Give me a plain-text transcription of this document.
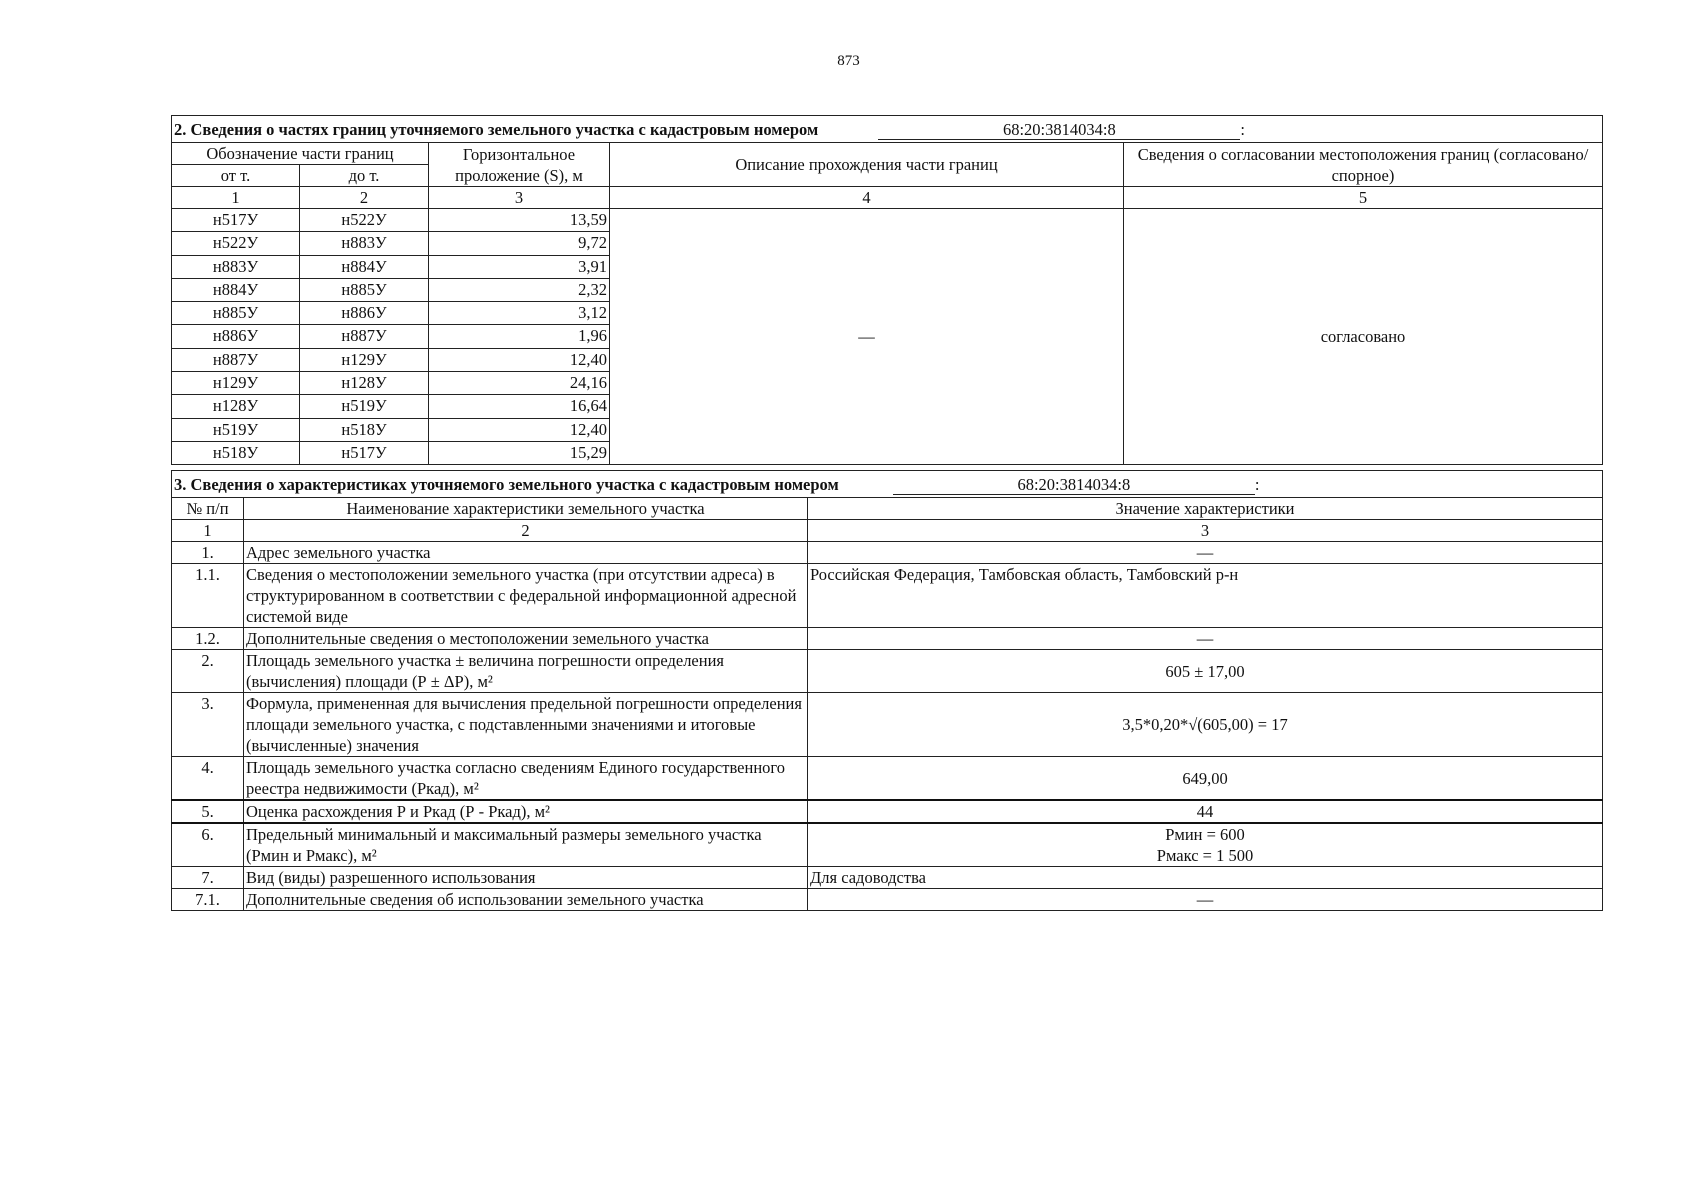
873
2. Сведения о частях границ уточняемого земельного участка с кадастровым номером 68:20:3814034:8 :				
Обозначение части границ		Горизонтальное проложение (S), м	Описание прохождения части границ	Сведения о согласовании местоположения границ (согласовано/спорное)
от т.	до т.			
1	2	3	4	5
н517У	н522У	13,59	—	согласовано
н522У	н883У	9,72		
н883У	н884У	3,91		
н884У	н885У	2,32		
н885У	н886У	3,12		
н886У	н887У	1,96		
н887У	н129У	12,40		
н129У	н128У	24,16		
н128У	н519У	16,64		
н519У	н518У	12,40		
н518У	н517У	15,29		
3. Сведения о характеристиках уточняемого земельного участка с кадастровым номером 68:20:3814034:8 :		
№ п/п	Наименование характеристики земельного участка	Значение характеристики
1	2	3
1.	Адрес земельного участка	—
1.1.	Сведения о местоположении земельного участка (при отсутствии адреса) в структурированном в соответствии с федеральной информационной адресной системой виде	Российская Федерация, Тамбовская область, Тамбовский р-н
1.2.	Дополнительные сведения о местоположении земельного участка	—
2.	Площадь земельного участка ± величина погрешности определения (вычисления) площади (Р ± ΔР), м²	605 ± 17,00
3.	Формула, примененная для вычисления предельной погрешности определения площади земельного участка, с подставленными значениями и итоговые (вычисленные) значения	3,5*0,20*√(605,00) = 17
4.	Площадь земельного участка согласно сведениям Единого государственного реестра недвижимости (Ркад), м²	649,00
5.	Оценка расхождения Р и Ркад (Р - Ркад), м²	44
6.	Предельный минимальный и максимальный размеры земельного участка (Рмин и Рмакс), м²	Рмин = 600
Рмакс = 1 500

7.	Вид (виды) разрешенного использования	Для садоводства
7.1.	Дополнительные сведения об использовании земельного участка	—
